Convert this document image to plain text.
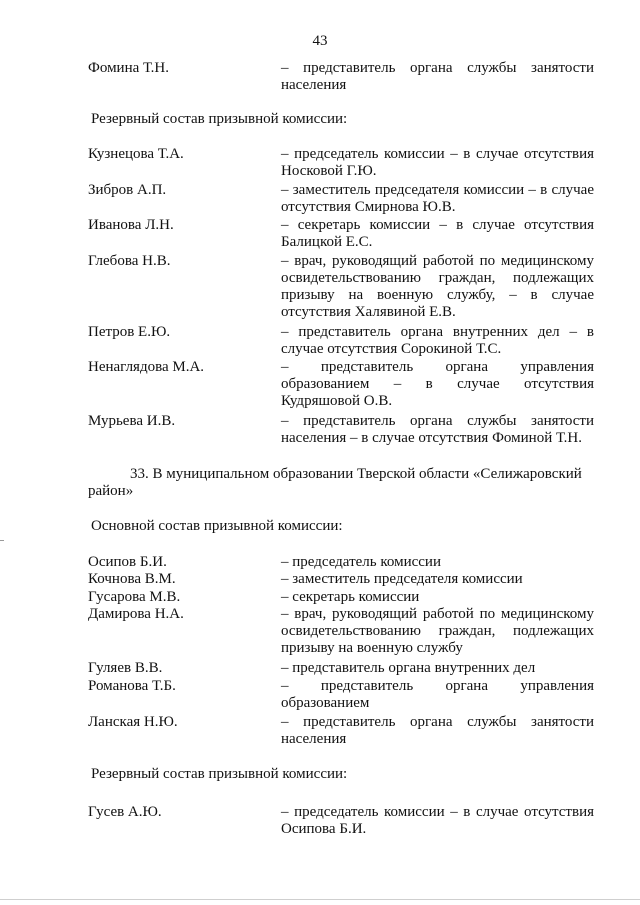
43
Фомина Т.Н.	– представитель органа службы занятости населения
Резервный состав призывной комиссии:
Кузнецова Т.А.	– председатель комиссии – в случае отсутствия Носковой Г.Ю.
Зибров А.П.	– заместитель председателя комиссии – в случае отсутствия Смирнова Ю.В.
Иванова Л.Н.	– секретарь комиссии – в случае отсутствия Балицкой Е.С.
Глебова Н.В.	– врач, руководящий работой по медицинскому освидетельствованию граждан, подлежащих призыву на военную службу, – в случае отсутствия Халявиной Е.В.
Петров Е.Ю.	– представитель органа внутренних дел – в случае отсутствия Сорокиной Т.С.
Ненаглядова М.А.	– представитель органа управления образованием – в случае отсутствия Кудряшовой О.В.
Мурьева И.В.	– представитель органа службы занятости населения – в случае отсутствия Фоминой Т.Н.
33. В муниципальном образовании Тверской области «Селижаровский
район»
Основной состав призывной комиссии:
Осипов Б.И.	– председатель комиссии
Кочнова В.М.	– заместитель председателя комиссии
Гусарова М.В.	– секретарь комиссии
Дамирова Н.А.	– врач, руководящий работой по медицинскому освидетельствованию граждан, подлежащих призыву на военную службу
Гуляев В.В.	– представитель органа внутренних дел
Романова Т.Б.	– представитель органа управления образованием
Ланская Н.Ю.	– представитель органа службы занятости населения
Резервный состав призывной комиссии:
Гусев А.Ю.	– председатель комиссии – в случае отсутствия Осипова Б.И.
